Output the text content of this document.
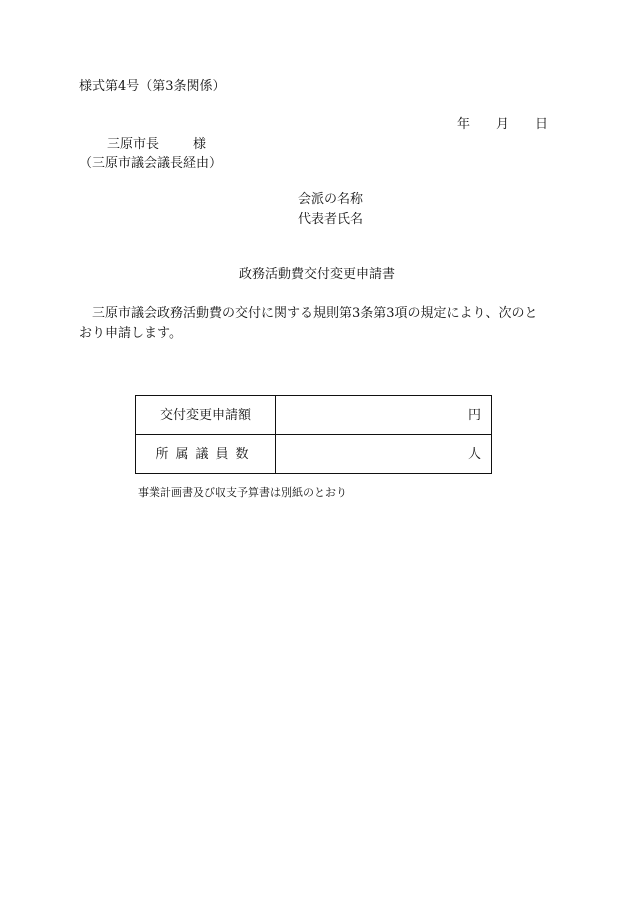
様式第4号（第3条関係）
年 月 日
三原市長	様
（三原市議会議長経由）
会派の名称
代表者氏名
政務活動費交付変更申請書
三原市議会政務活動費の交付に関する規則第3条第3項の規定により、次のとおり申請します。
交付変更申請額	円
所属議員数	人
事業計画書及び収支予算書は別紙のとおり
